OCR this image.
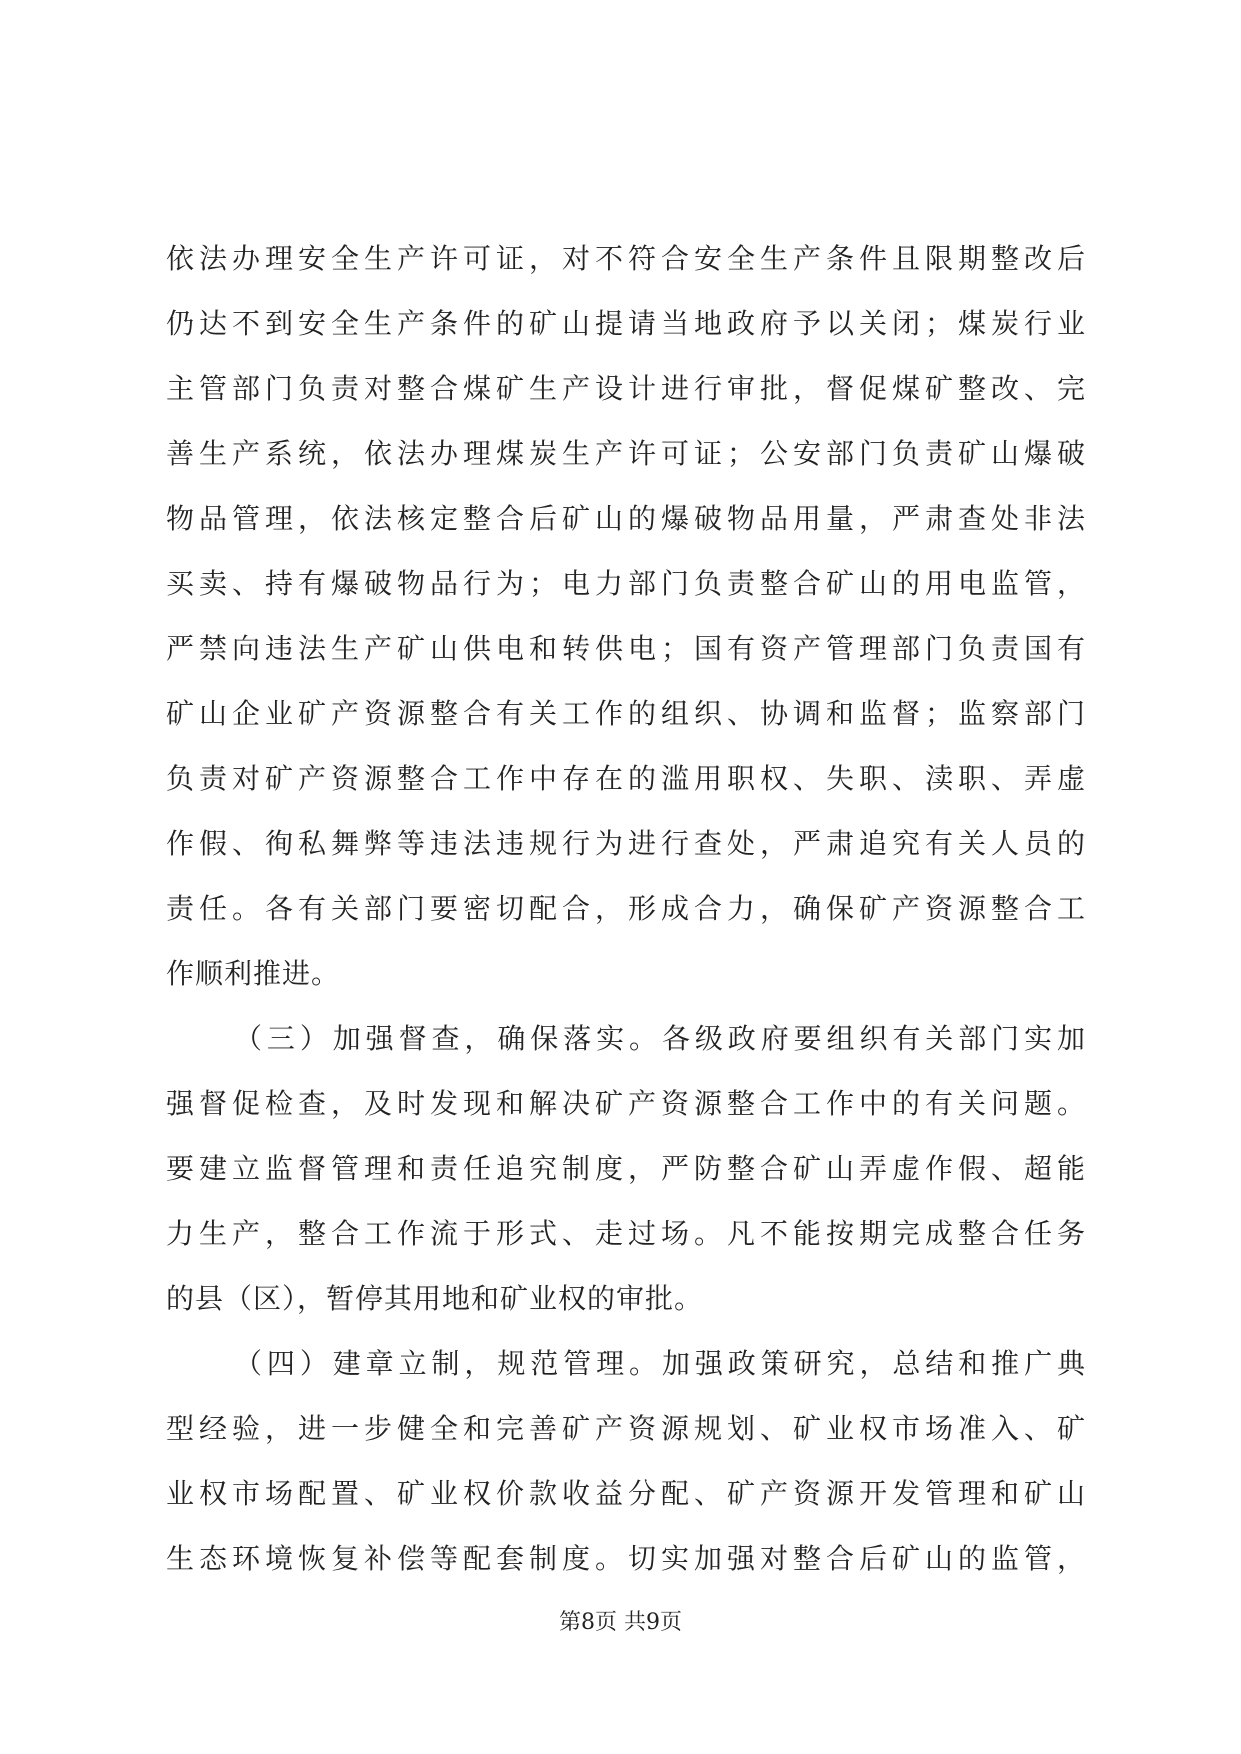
依法办理安全生产许可证，对不符合安全生产条件且限期整改后
仍达不到安全生产条件的矿山提请当地政府予以关闭；煤炭行业
主管部门负责对整合煤矿生产设计进行审批，督促煤矿整改、完
善生产系统，依法办理煤炭生产许可证；公安部门负责矿山爆破
物品管理，依法核定整合后矿山的爆破物品用量，严肃查处非法
买卖、持有爆破物品行为；电力部门负责整合矿山的用电监管，
严禁向违法生产矿山供电和转供电；国有资产管理部门负责国有
矿山企业矿产资源整合有关工作的组织、协调和监督；监察部门
负责对矿产资源整合工作中存在的滥用职权、失职、渎职、弄虚
作假、徇私舞弊等违法违规行为进行查处，严肃追究有关人员的
责任。各有关部门要密切配合，形成合力，确保矿产资源整合工
作顺利推进。
（三）加强督查，确保落实。各级政府要组织有关部门实加
强督促检查，及时发现和解决矿产资源整合工作中的有关问题。
要建立监督管理和责任追究制度，严防整合矿山弄虚作假、超能
力生产，整合工作流于形式、走过场。凡不能按期完成整合任务
的县（区），暂停其用地和矿业权的审批。
（四）建章立制，规范管理。加强政策研究，总结和推广典
型经验，进一步健全和完善矿产资源规划、矿业权市场准入、矿
业权市场配置、矿业权价款收益分配、矿产资源开发管理和矿山
生态环境恢复补偿等配套制度。切实加强对整合后矿山的监管，
第8页 共9页
